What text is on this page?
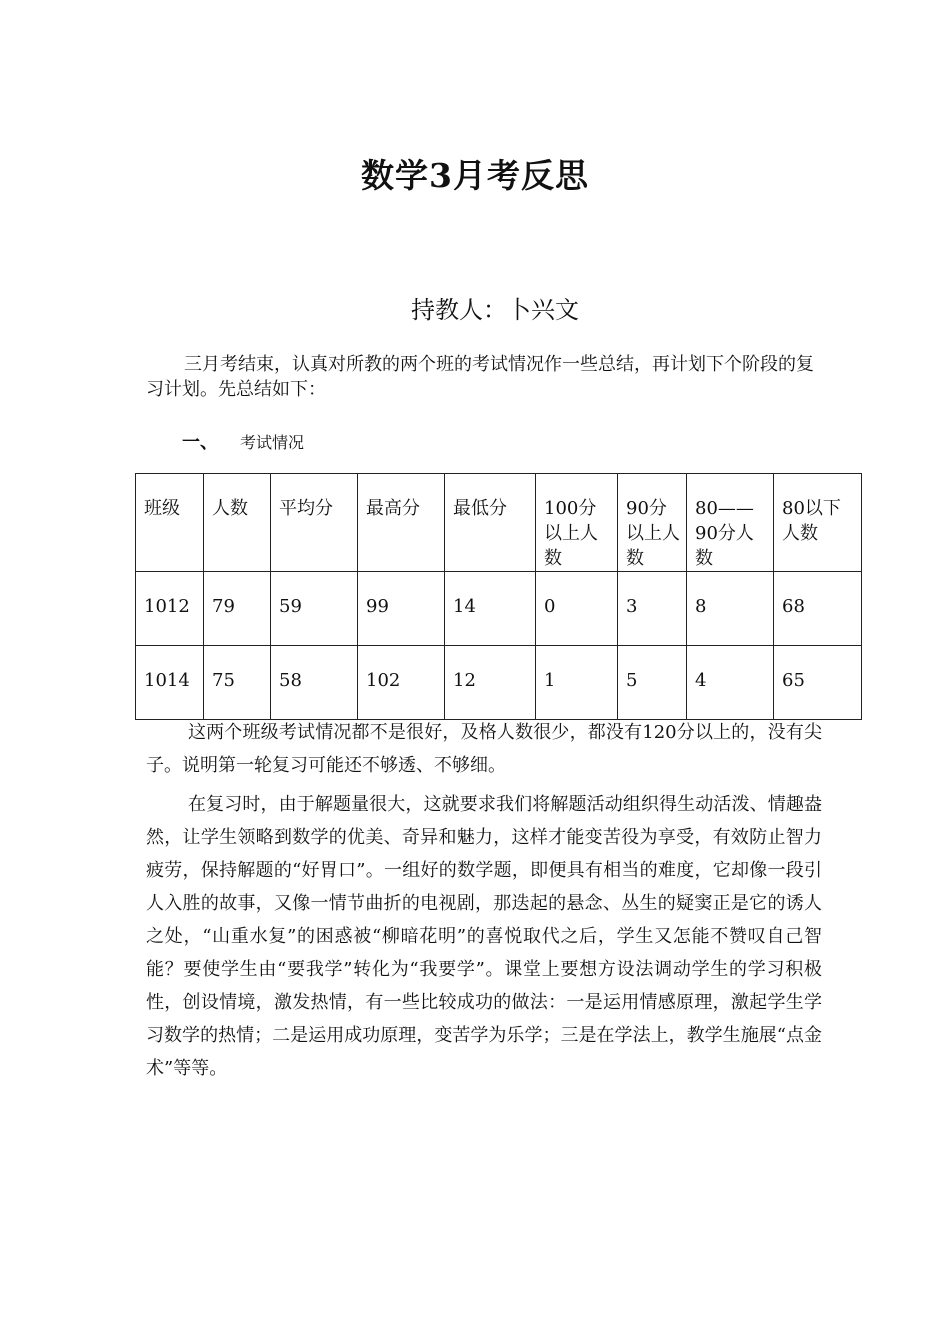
数学3月考反思
持教人：卜兴文

三月考结束，认真对所教的两个班的考试情况作一些总结，再计划下个阶段的复习计划。先总结如下：

一、 考试情况
班级	人数	平均分	最高分	最低分	100分以上人数	90分以上人数	80——90分人数	80以下人数
1012	79	59	99	14	0	3	8	68
1014	75	58	102	12	1	5	4	65

这两个班级考试情况都不是很好，及格人数很少，都没有120分以上的，没有尖子。说明第一轮复习可能还不够透、不够细。

在复习时，由于解题量很大，这就要求我们将解题活动组织得生动活泼、情趣盎然，让学生领略到数学的优美、奇异和魅力，这样才能变苦役为享受，有效防止智力疲劳，保持解题的“好胃口”。一组好的数学题，即便具有相当的难度，它却像一段引人入胜的故事，又像一情节曲折的电视剧，那迭起的悬念、丛生的疑窦正是它的诱人之处，“山重水复”的困惑被“柳暗花明”的喜悦取代之后，学生又怎能不赞叹自己智能？要使学生由“要我学”转化为“我要学”。课堂上要想方设法调动学生的学习积极性，创设情境，激发热情，有一些比较成功的做法：一是运用情感原理，激起学生学习数学的热情；二是运用成功原理，变苦学为乐学；三是在学法上，教学生施展“点金术”等等。
